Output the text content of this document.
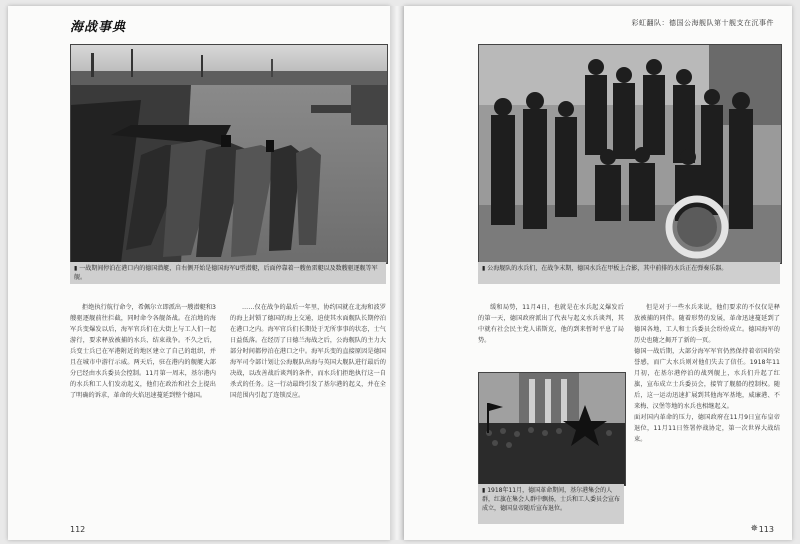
海战事典
▮ 一战期间停泊在港口内的德国潜艇，自右侧开始是德国海军U型潜艇，后面停靠着一艘鱼雷艇以及数艘驱逐舰等军舰。
拒绝执行航行命令，希佩尔立即派出一艘潜艇和3艘驱逐舰前往拦截，同时命令各舰备战。在泊地的海军兵变爆发以后，海军官兵们在大街上与工人们一起游行，要求释放被捕的水兵、结束战争。不久之后，兵变士兵已在军港附近的地区建立了自己的组织，并且在城市中游行示威。两天后，驻在港内的舰艇大部分已经由水兵委员会控制。11月第一周末，基尔港内的水兵和工人们发动起义，他们在政治和社会上提出了明确的诉求，革命的火焰迅速蔓延到整个德国。
……仅在战争的最后一年里，协约国就在北海和波罗的海上封锁了德国的海上交通，迫使其水面舰队长期停泊在港口之内。海军官兵们长期处于无所事事的状态，士气日益低落。在经历了日德兰海战之后，公海舰队的主力大部分时间都停泊在港口之中。海军兵变的直接原因是德国海军司令部计划让公海舰队出海与英国大舰队进行最后的决战，以改善战后谈判的条件，而水兵们拒绝执行这一自杀式的任务。这一行动最终引发了基尔港的起义，并在全国范围内引起了连锁反应。
112
彩虹翻队：德国公海舰队第十舰支在沉事件
▮ 公海舰队的水兵们，在战争末期，德国水兵在甲板上合影，其中前排的水兵正在弹奏乐器。
缓和局势，11月4日，也就是在水兵起义爆发后的第一天，德国政府派出了代表与起义水兵谈判，其中就有社会民主党人诺斯克，他的到来暂时平息了局势。
▮ 1918年11月，德国革命期间，基尔港集会的人群，红旗在集会人群中飘扬，士兵和工人委员会宣布成立，德国皇帝随后宣布退位。
但是对于一些水兵来说，他们要求的不仅仅是释放被捕的同伴。随着形势的发展，革命迅速蔓延到了德国各地，工人和士兵委员会纷纷成立。德国海军的历史也随之揭开了新的一页。
德国一战后期，大部分海军军官仍然保持着帝国的荣誉感，而广大水兵则对他们失去了信任。1918年11月初，在基尔港停泊的战列舰上，水兵们升起了红旗，宣布成立士兵委员会，接管了舰船的控制权。随后，这一运动迅速扩展到其他海军基地，威廉港、不来梅、汉堡等地的水兵也相继起义。
面对国内革命的压力，德国政府在11月9日宣布皇帝退位，11月11日签署停战协定，第一次世界大战结束。
✵ 113
